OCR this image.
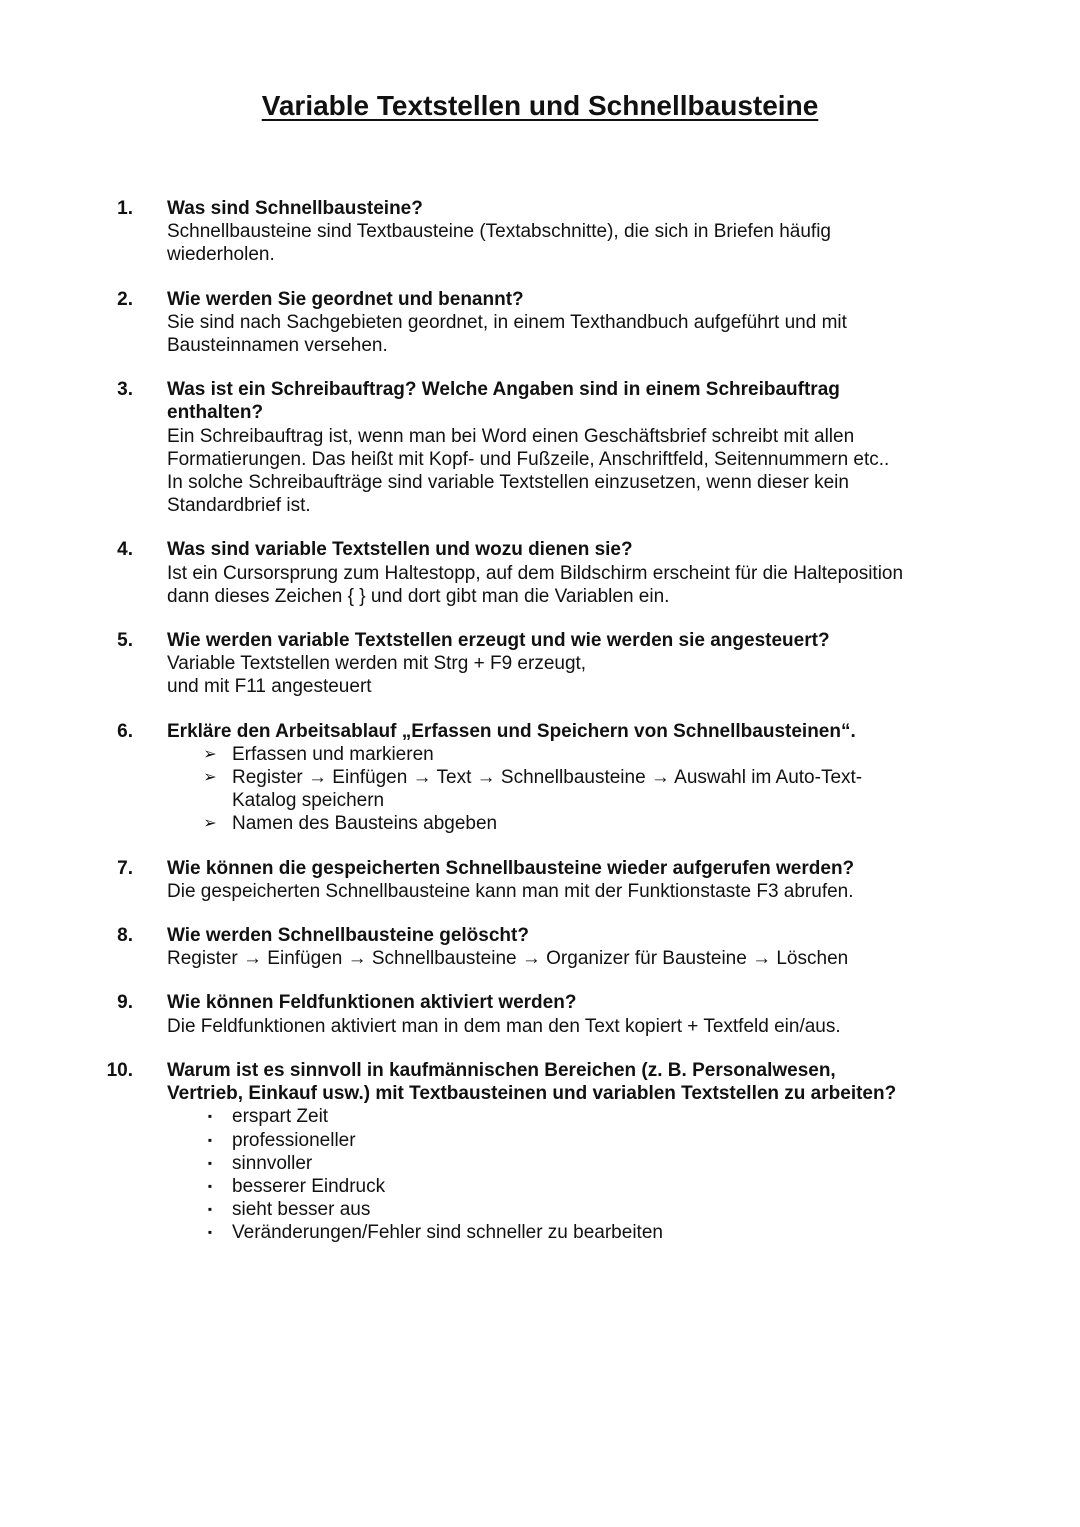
Variable Textstellen und Schnellbausteine
1. Was sind Schnellbausteine?
Schnellbausteine sind Textbausteine (Textabschnitte), die sich in Briefen häufig
wiederholen.
2. Wie werden Sie geordnet und benannt?
Sie sind nach Sachgebieten geordnet, in einem Texthandbuch aufgeführt und mit
Bausteinnamen versehen.
3. Was ist ein Schreibauftrag? Welche Angaben sind in einem Schreibauftrag
enthalten?
Ein Schreibauftrag ist, wenn man bei Word einen Geschäftsbrief schreibt mit allen
Formatierungen. Das heißt mit Kopf- und Fußzeile, Anschriftfeld, Seitennummern etc..
In solche Schreibaufträge sind variable Textstellen einzusetzen, wenn dieser kein
Standardbrief ist.
4. Was sind variable Textstellen und wozu dienen sie?
Ist ein Cursorsprung zum Haltestopp, auf dem Bildschirm erscheint für die Halteposition
dann dieses Zeichen { } und dort gibt man die Variablen ein.
5. Wie werden variable Textstellen erzeugt und wie werden sie angesteuert?
Variable Textstellen werden mit Strg + F9 erzeugt,
und mit F11 angesteuert
6. Erkläre den Arbeitsablauf „Erfassen und Speichern von Schnellbausteinen“.
➢ Erfassen und markieren
➢ Register → Einfügen → Text → Schnellbausteine → Auswahl im Auto-Text-
Katalog speichern
➢ Namen des Bausteins abgeben
7. Wie können die gespeicherten Schnellbausteine wieder aufgerufen werden?
Die gespeicherten Schnellbausteine kann man mit der Funktionstaste F3 abrufen.
8. Wie werden Schnellbausteine gelöscht?
Register → Einfügen → Schnellbausteine → Organizer für Bausteine → Löschen
9. Wie können Feldfunktionen aktiviert werden?
Die Feldfunktionen aktiviert man in dem man den Text kopiert + Textfeld ein/aus.
10. Warum ist es sinnvoll in kaufmännischen Bereichen (z. B. Personalwesen,
Vertrieb, Einkauf usw.) mit Textbausteinen und variablen Textstellen zu arbeiten?
▪	erspart Zeit
▪	professioneller
▪	sinnvoller
▪	besserer Eindruck
▪	sieht besser aus
▪	Veränderungen/Fehler sind schneller zu bearbeiten
